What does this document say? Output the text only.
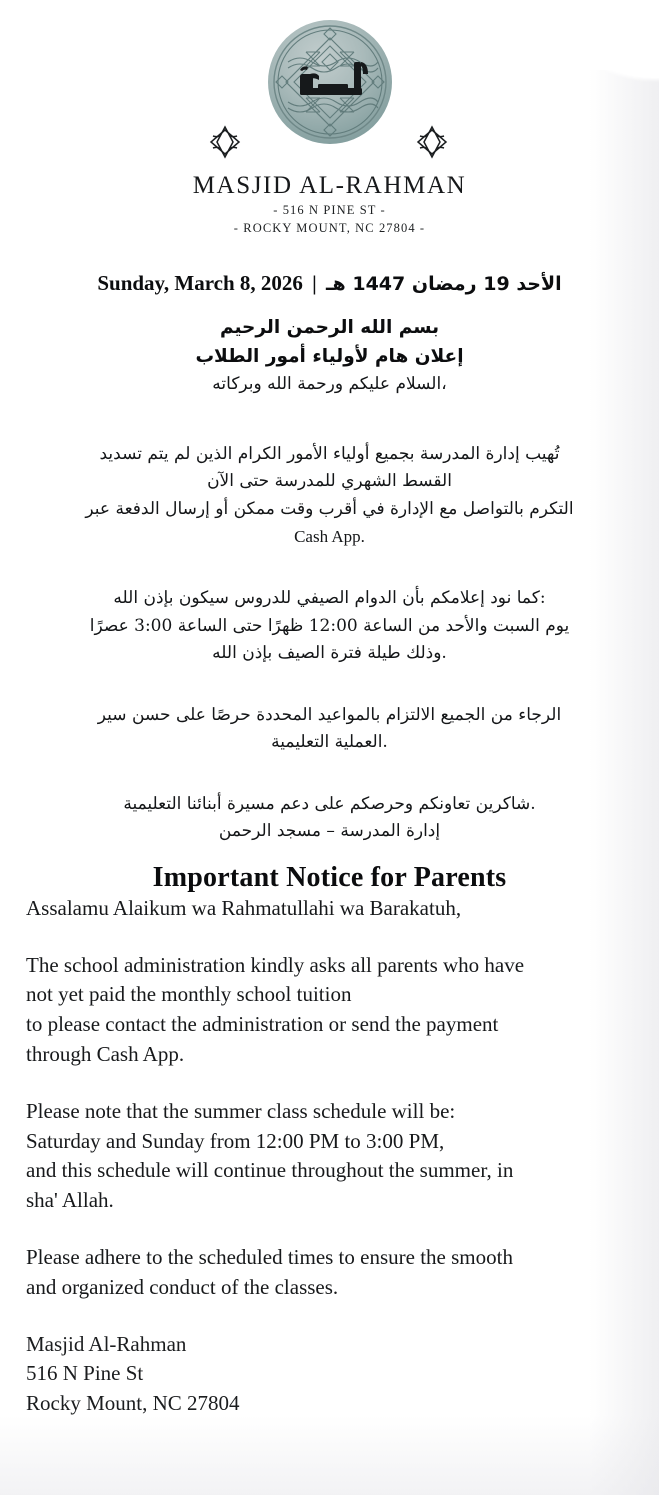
MASJID AL-RAHMAN
- 516 N PINE ST -
- ROCKY MOUNT, NC 27804 -
الأحد 19 رمضان 1447 هـ | Sunday, March 8, 2026
بسم الله الرحمن الرحيم
إعلان هام لأولياء أمور الطلاب

،السلام عليكم ورحمة الله وبركاته

تُهيب إدارة المدرسة بجميع أولياء الأمور الكرام الذين لم يتم تسديد

القسط الشهري للمدرسة حتى الآن

التكرم بالتواصل مع الإدارة في أقرب وقت ممكن أو إرسال الدفعة عبر

Cash App.

:كما نود إعلامكم بأن الدوام الصيفي للدروس سيكون بإذن الله

يوم السبت والأحد من الساعة 12:00 ظهرًا حتى الساعة 3:00 عصرًا

.وذلك طيلة فترة الصيف بإذن الله

الرجاء من الجميع الالتزام بالمواعيد المحددة حرصًا على حسن سير

.العملية التعليمية

.شاكرين تعاونكم وحرصكم على دعم مسيرة أبنائنا التعليمية

إدارة المدرسة – مسجد الرحمن

Important Notice for Parents

Assalamu Alaikum wa Rahmatullahi wa Barakatuh,

The school administration kindly asks all parents who have

not yet paid the monthly school tuition

to please contact the administration or send the payment

through Cash App.

Please note that the summer class schedule will be:

Saturday and Sunday from 12:00 PM to 3:00 PM,

and this schedule will continue throughout the summer, in

sha' Allah.

Please adhere to the scheduled times to ensure the smooth

and organized conduct of the classes.

Masjid Al-Rahman

516 N Pine St

Rocky Mount, NC 27804
